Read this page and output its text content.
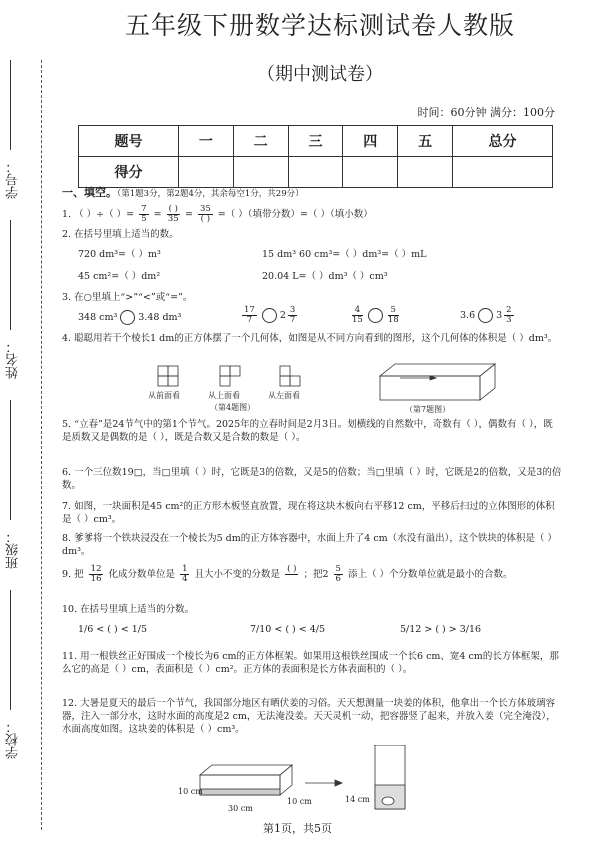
学号：
姓名：
班级：
学校：
五年级下册数学达标测试卷人教版
（期中测试卷）
时间：60分钟 满分：100分
题号	一	二	三	四	五	总分
得分						
一、填空。（第1题3分，第2题4分，其余每空1分，共29分）
1. （ ）÷（ ）= $\frac{7}{5} = \frac{( )}{35} = \frac{35}{( )}$ =（ ）（填带分数）=（ ）（填小数）
2. 在括号里填上适当的数。
720 dm³=（ ）m³	15 dm³ 60 cm³=（ ）dm³=（ ）mL
45 cm²=（ ）dm²	20.04 L=（ ）dm³（ ）cm³
3. 在○里填上“>”“<”或“=”。
348 cm³ 3.48 dm³	$\frac{17}{7} 2 \frac{3}{7}$	$\frac{4}{15}$	$\frac{5}{18}$	3.6̇ $3 \frac{2}{3}$
4. 聪聪用若干个棱长1 dm的正方体摆了一个几何体，如图是从不同方向看到的图形，这个几何体的体积是（ ）dm³。
从前面看	从上面看	从左面看
（第4题图）	（第7题图）
5. “立春”是24节气中的第1个节气。2025年的立春时间是2月3日。划横线的自然数中，奇数有（ ），偶数有（ ），既是质数又是偶数的是（ ），既是合数又是合数的数是（ ）。
6. 一个三位数19□，当□里填（ ）时，它既是3的倍数，又是5的倍数；当□里填（ ）时，它既是2的倍数，又是3的倍数。
7. 如图，一块面积是45 cm²的正方形木板竖直放置，现在将这块木板向右平移12 cm，平移后扫过的立体图形的体积是（ ）cm³。
8. 爹爹将一个铁块浸没在一个棱长为5 dm的正方体容器中，水面上升了4 cm（水没有溢出），这个铁块的体积是（ ）dm³。
9. 把 $\frac{12}{16}$ 化成分数单位是 $\frac{1}{4}$ 且大小不变的分数是 ( )
；把$2 \frac{5}{6}$ 添上（ ）个分数单位就是最小的合数。
10. 在括号里填上适当的分数。
1/6 < ( ) < 1/5	7/10 < ( ) < 4/5	5/12 > ( ) > 3/16
11. 用一根铁丝正好围成一个棱长为6 cm的正方体框架。如果用这根铁丝围成一个长6 cm、宽4 cm的长方体框架，那么它的高是（ ）cm，表面积是（ ）cm²。正方体的表面积是长方体表面积的（ ）。
12. 大暑是夏天的最后一个节气，我国部分地区有晒伏姜的习俗。天天想测量一块姜的体积，他拿出一个长方体玻璃容器，注入一部分水，这时水面的高度是2 cm，无法淹没姜。天天灵机一动，把容器竖了起来，并放入姜（完全淹没），水面高度如图。这块姜的体积是（ ）cm³。
10 cm
30 cm
10 cm	14 cm
第1页，共5页
